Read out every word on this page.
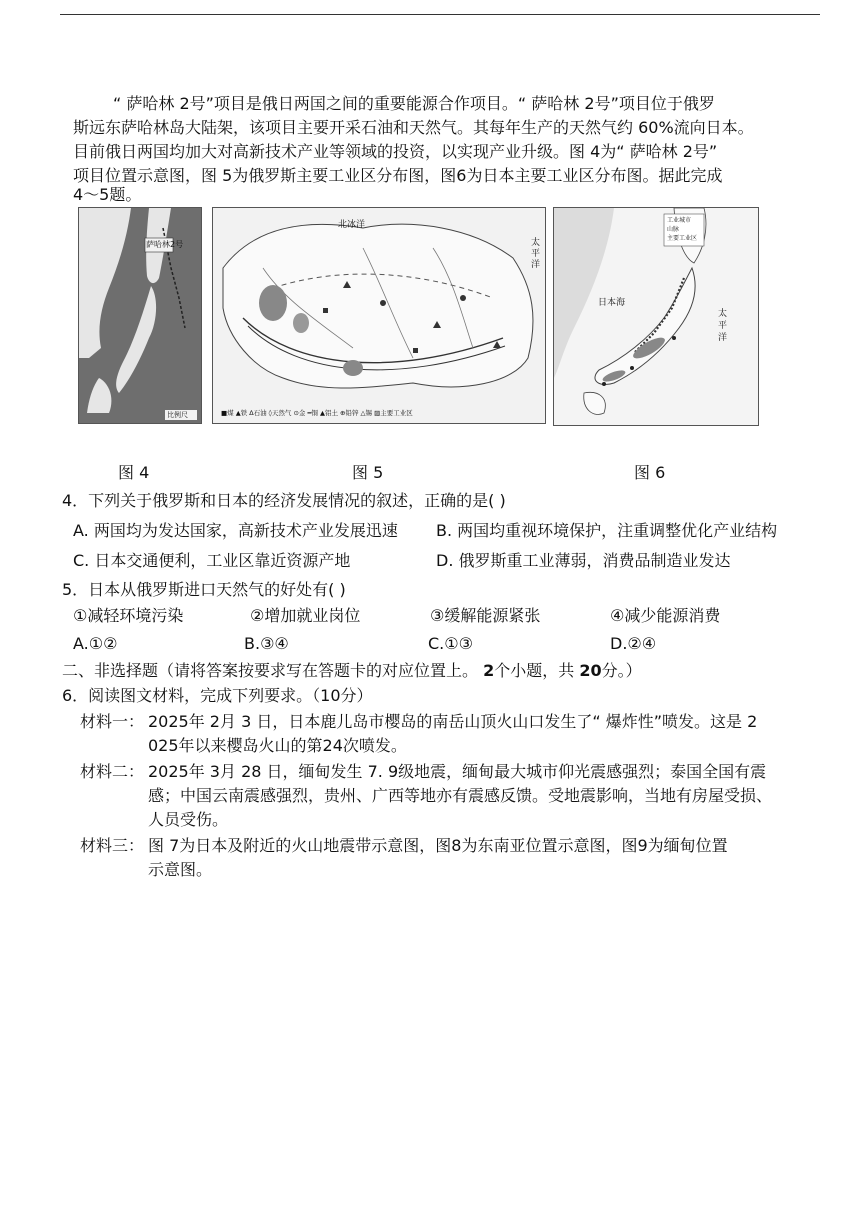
“ 萨哈林 2号”项目是俄日两国之间的重要能源合作项目。“ 萨哈林 2号”项目位于俄罗
斯远东萨哈林岛大陆架，该项目主要开采石油和天然气。其每年生产的天然气约 60%流向日本。
目前俄日两国均加大对高新技术产业等领域的投资，以实现产业升级。图 4为“ 萨哈林 2号”
项目位置示意图，图 5为俄罗斯主要工业区分布图，图6为日本主要工业区分布图。据此完成
4～5题。
萨哈林2号
比例尺
图 4
北冰洋
太平洋
■煤 ▲铁 ∆石油 ◊天然气 ⊙金 ━铜 ▲铝土 ⊕铅锌 △锡 ▨主要工业区
图 5
日本海
太平洋
工业城市
山脉
主要工业区
图 6
4．下列关于俄罗斯和日本的经济发展情况的叙述，正确的是( )
A. 两国均为发达国家，高新技术产业发展迅速 B. 两国均重视环境保护，注重调整优化产业结构
C. 日本交通便利，工业区靠近资源产地	D. 俄罗斯重工业薄弱，消费品制造业发达
5．日本从俄罗斯进口天然气的好处有( )
①减轻环境污染	②增加就业岗位	③缓解能源紧张	④减少能源消费
A.①②	B.③④	C.①③	D.②④
二、非选择题（请将答案按要求写在答题卡的对应位置上。 2个小题，共 20分。）
6．阅读图文材料，完成下列要求。（10分）
材料一： 2025年 2月 3 日，日本鹿儿岛市樱岛的南岳山顶火山口发生了“ 爆炸性”喷发。这是 2
025年以来樱岛火山的第24次喷发。
材料二： 2025年 3月 28 日，缅甸发生 7. 9级地震，缅甸最大城市仰光震感强烈；泰国全国有震
感；中国云南震感强烈，贵州、广西等地亦有震感反馈。受地震影响，当地有房屋受损、
人员受伤。
材料三： 图 7为日本及附近的火山地震带示意图，图8为东南亚位置示意图，图9为缅甸位置
示意图。
